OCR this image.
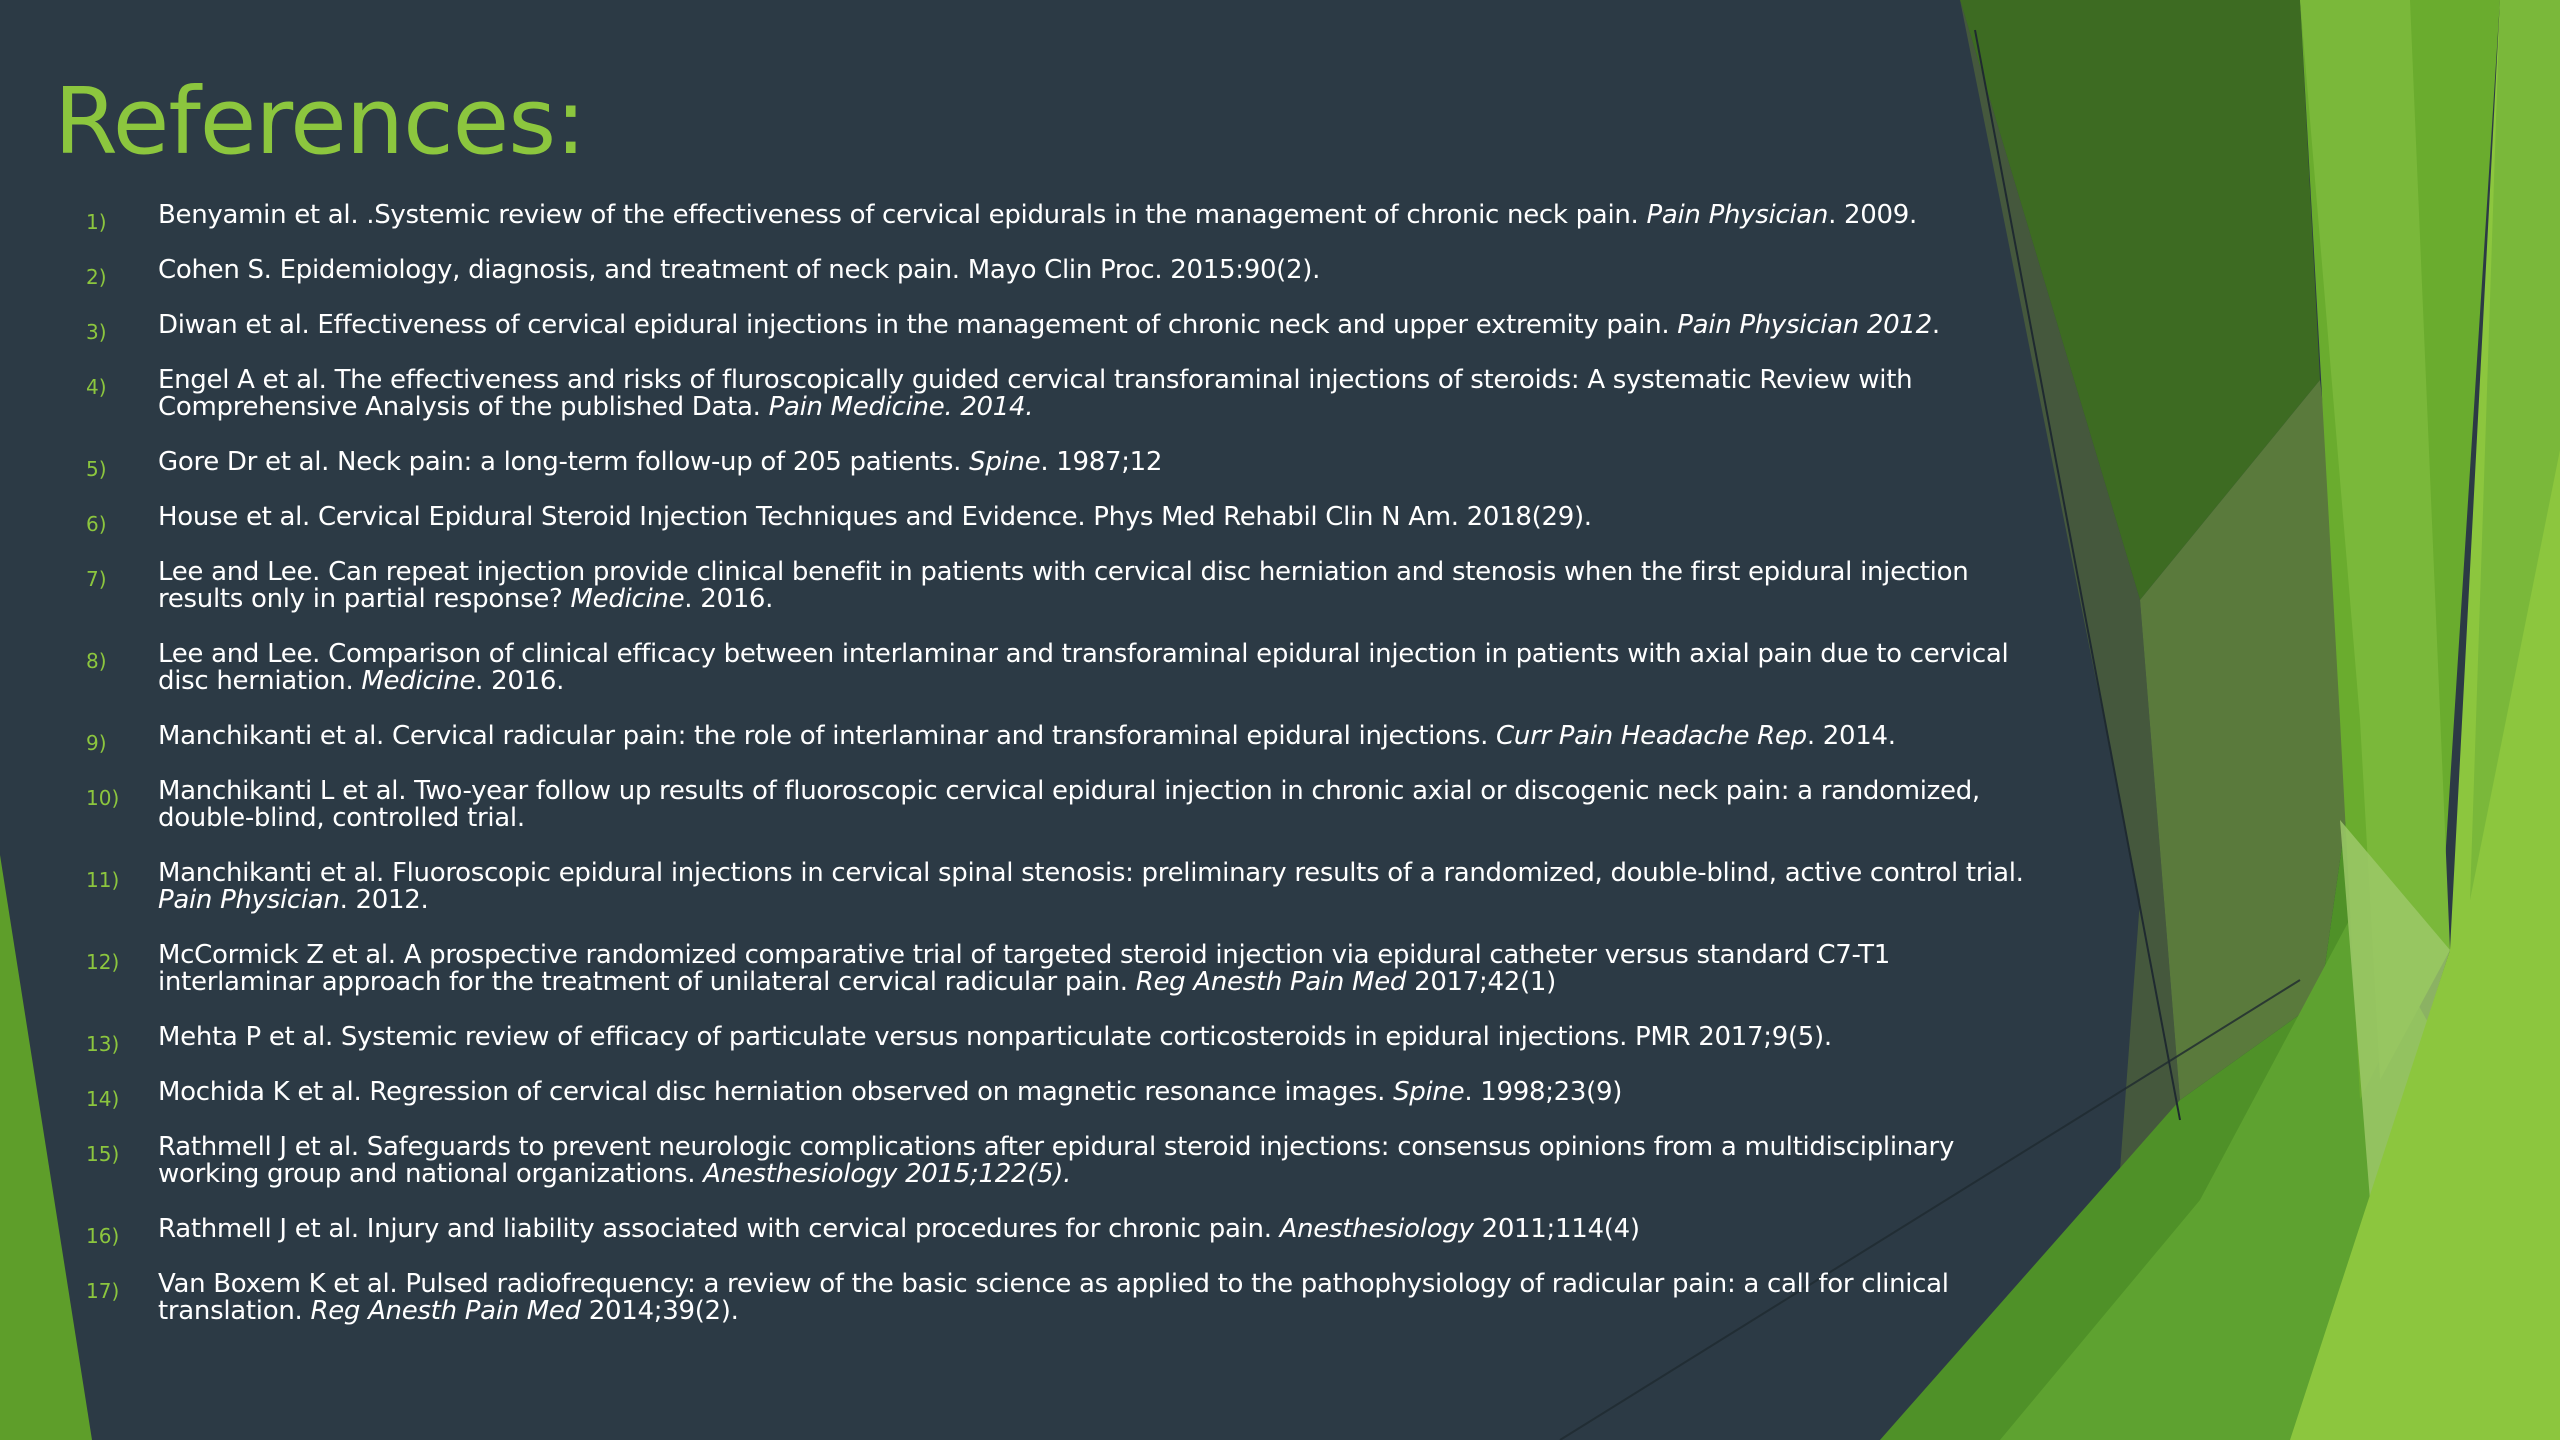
References:
1) Benyamin et al. .Systemic review of the effectiveness of cervical epidurals in the management of chronic neck pain. Pain Physician. 2009.
2) Cohen S. Epidemiology, diagnosis, and treatment of neck pain. Mayo Clin Proc. 2015:90(2).
3) Diwan et al. Effectiveness of cervical epidural injections in the management of chronic neck and upper extremity pain. Pain Physician 2012.
4) Engel A et al. The effectiveness and risks of fluroscopically guided cervical transforaminal injections of steroids: A systematic Review with
Comprehensive Analysis of the published Data. Pain Medicine. 2014.
5) Gore Dr et al. Neck pain: a long-term follow-up of 205 patients. Spine. 1987;12
6) House et al. Cervical Epidural Steroid Injection Techniques and Evidence. Phys Med Rehabil Clin N Am. 2018(29).
7) Lee and Lee. Can repeat injection provide clinical benefit in patients with cervical disc herniation and stenosis when the first epidural injection
results only in partial response? Medicine. 2016.
8) Lee and Lee. Comparison of clinical efficacy between interlaminar and transforaminal epidural injection in patients with axial pain due to cervical
disc herniation. Medicine. 2016.
9) Manchikanti et al. Cervical radicular pain: the role of interlaminar and transforaminal epidural injections. Curr Pain Headache Rep. 2014.
10) Manchikanti L et al. Two-year follow up results of fluoroscopic cervical epidural injection in chronic axial or discogenic neck pain: a randomized,
double-blind, controlled trial.
11) Manchikanti et al. Fluoroscopic epidural injections in cervical spinal stenosis: preliminary results of a randomized, double-blind, active control trial.
Pain Physician. 2012.
12) McCormick Z et al. A prospective randomized comparative trial of targeted steroid injection via epidural catheter versus standard C7-T1
interlaminar approach for the treatment of unilateral cervical radicular pain. Reg Anesth Pain Med 2017;42(1)
13) Mehta P et al. Systemic review of efficacy of particulate versus nonparticulate corticosteroids in epidural injections. PMR 2017;9(5).
14) Mochida K et al. Regression of cervical disc herniation observed on magnetic resonance images. Spine. 1998;23(9)
15) Rathmell J et al. Safeguards to prevent neurologic complications after epidural steroid injections: consensus opinions from a multidisciplinary
working group and national organizations. Anesthesiology 2015;122(5).
16) Rathmell J et al. Injury and liability associated with cervical procedures for chronic pain. Anesthesiology 2011;114(4)
17) Van Boxem K et al. Pulsed radiofrequency: a review of the basic science as applied to the pathophysiology of radicular pain: a call for clinical
translation. Reg Anesth Pain Med 2014;39(2).
